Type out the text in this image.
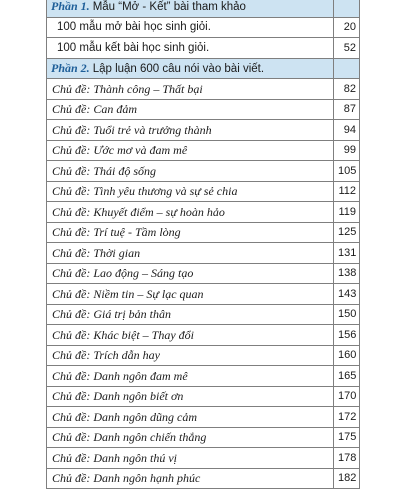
Phần 1. Mẫu “Mở - Kết” bài tham khảo	
100 mẫu mở bài học sinh giỏi.	20
100 mẫu kết bài học sinh giỏi.	52
Phần 2. Lập luận 600 câu nói vào bài viết.	
Chủ đề: Thành công – Thất bại	82
Chủ đề: Can đảm	87
Chủ đề: Tuổi trẻ và trưởng thành	94
Chủ đề: Ước mơ và đam mê	99
Chủ đề: Thái độ sống	105
Chủ đề: Tình yêu thương và sự sẻ chia	112
Chủ đề: Khuyết điểm – sự hoàn hảo	119
Chủ đề: Trí tuệ - Tầm lòng	125
Chủ đề: Thời gian	131
Chủ đề: Lao động – Sáng tạo	138
Chủ đề: Niềm tin – Sự lạc quan	143
Chủ đề: Giá trị bản thân	150
Chủ đề: Khác biệt – Thay đổi	156
Chủ đề: Trích dẫn hay	160
Chủ đề: Danh ngôn đam mê	165
Chủ đề: Danh ngôn biết ơn	170
Chủ đề: Danh ngôn dũng cảm	172
Chủ đề: Danh ngôn chiến thắng	175
Chủ đề: Danh ngôn thú vị	178
Chủ đề: Danh ngôn hạnh phúc	182
